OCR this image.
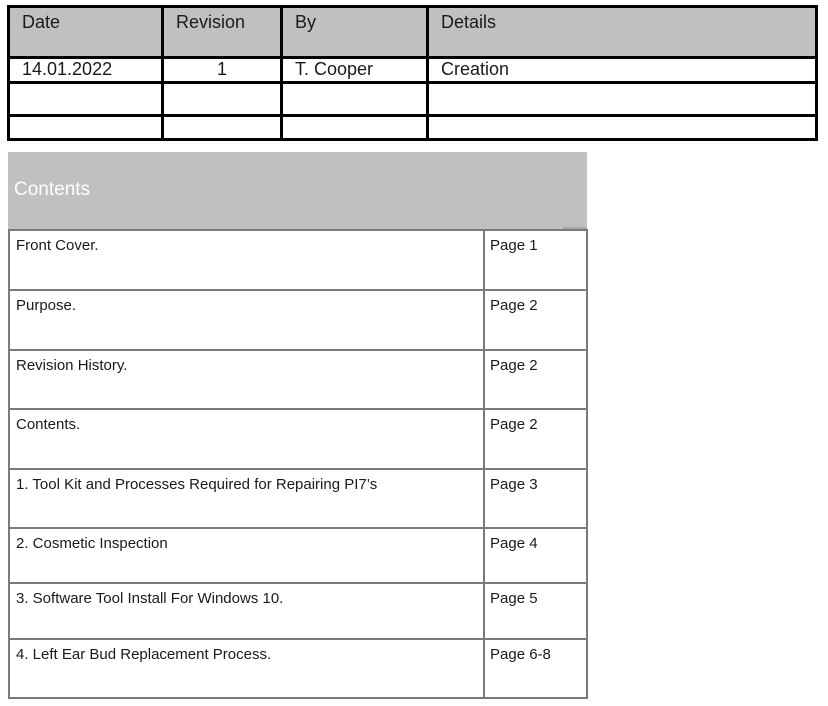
Date	Revision	By	Details
14.01.2022	1	T. Cooper	Creation

Contents
Front Cover.	Page 1
Purpose.	Page 2
Revision History.	Page 2
Contents.	Page 2
1. Tool Kit and Processes Required for Repairing PI7’s	Page 3
2. Cosmetic Inspection	Page 4
3. Software Tool Install For Windows 10.	Page 5
4. Left Ear Bud Replacement Process.	Page 6-8
